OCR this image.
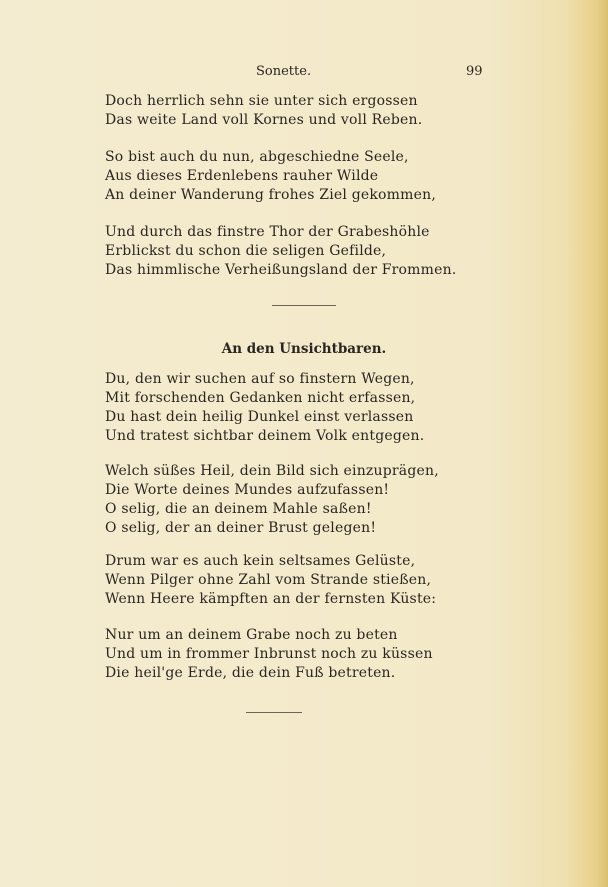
Sonette.	99
Doch herrlich sehn sie unter sich ergossen
Das weite Land voll Kornes und voll Reben.
So bist auch du nun, abgeschiedne Seele,
Aus dieses Erdenlebens rauher Wilde
An deiner Wanderung frohes Ziel gekommen,
Und durch das finstre Thor der Grabeshöhle
Erblickst du schon die seligen Gefilde,
Das himmlische Verheißungsland der Frommen.
An den Unsichtbaren.
Du, den wir suchen auf so finstern Wegen,
Mit forschenden Gedanken nicht erfassen,
Du hast dein heilig Dunkel einst verlassen
Und tratest sichtbar deinem Volk entgegen.
Welch süßes Heil, dein Bild sich einzuprägen,
Die Worte deines Mundes aufzufassen!
O selig, die an deinem Mahle saßen!
O selig, der an deiner Brust gelegen!
Drum war es auch kein seltsames Gelüste,
Wenn Pilger ohne Zahl vom Strande stießen,
Wenn Heere kämpften an der fernsten Küste:
Nur um an deinem Grabe noch zu beten
Und um in frommer Inbrunst noch zu küssen
Die heil'ge Erde, die dein Fuß betreten.
